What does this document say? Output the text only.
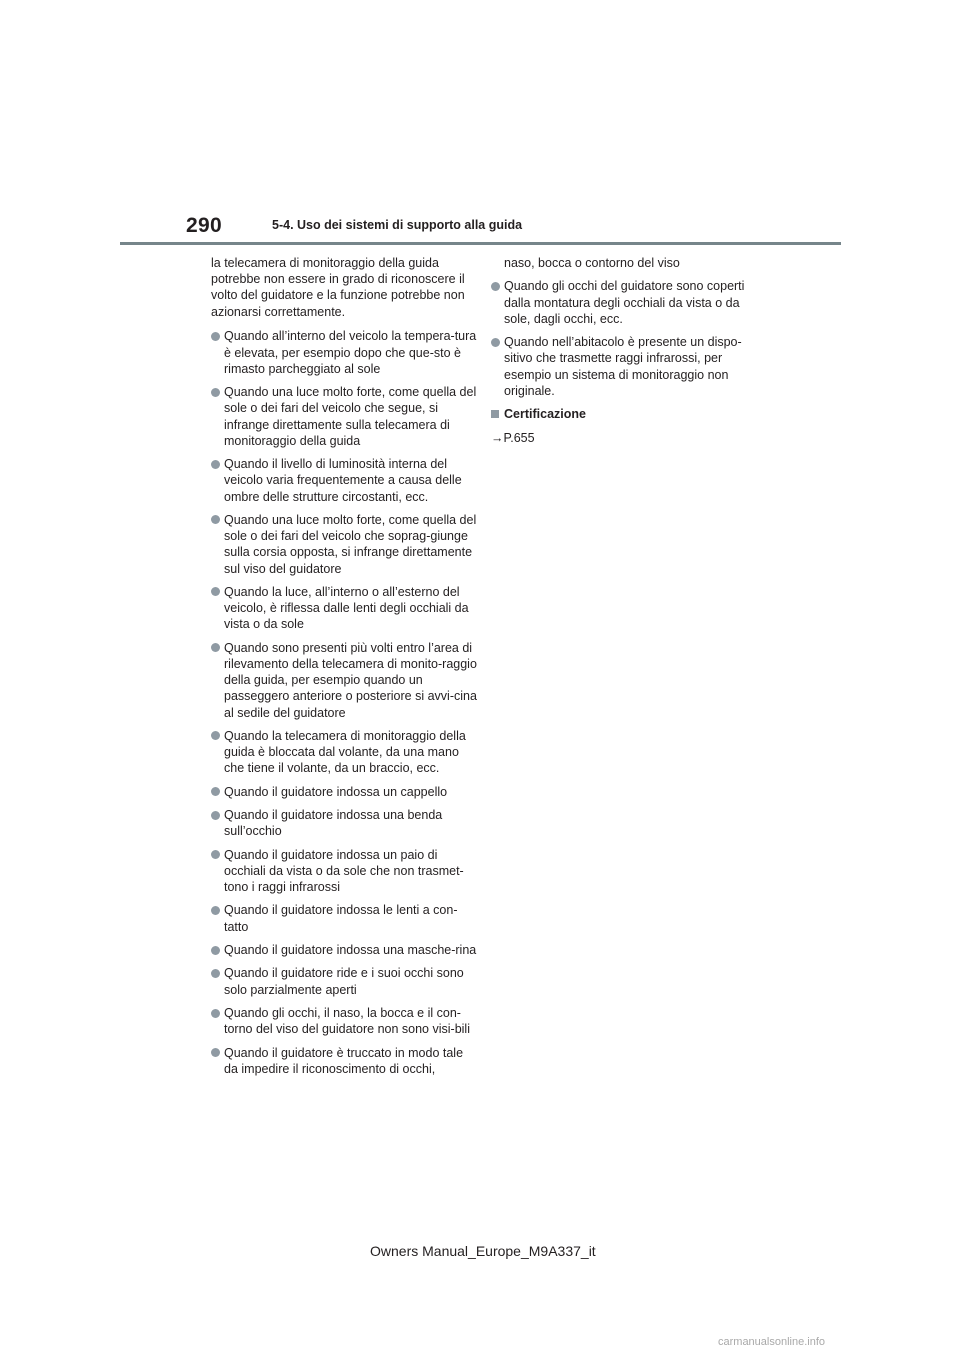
290	5-4. Uso dei sistemi di supporto alla guida

la telecamera di monitoraggio della guida potrebbe non essere in grado di riconoscere il volto del guidatore e la funzione potrebbe non azionarsi correttamente.

Quando all’interno del veicolo la tempera-tura è elevata, per esempio dopo che que-sto è rimasto parcheggiato al sole
Quando una luce molto forte, come quella del sole o dei fari del veicolo che segue, si infrange direttamente sulla telecamera di monitoraggio della guida
Quando il livello di luminosità interna del veicolo varia frequentemente a causa delle ombre delle strutture circostanti, ecc.
Quando una luce molto forte, come quella del sole o dei fari del veicolo che soprag-giunge sulla corsia opposta, si infrange direttamente sul viso del guidatore
Quando la luce, all’interno o all’esterno del veicolo, è riflessa dalle lenti degli occhiali da vista o da sole
Quando sono presenti più volti entro l’area di rilevamento della telecamera di monito-raggio della guida, per esempio quando un passeggero anteriore o posteriore si avvi-cina al sedile del guidatore
Quando la telecamera di monitoraggio della guida è bloccata dal volante, da una mano che tiene il volante, da un braccio, ecc.
Quando il guidatore indossa un cappello
Quando il guidatore indossa una benda sull’occhio
Quando il guidatore indossa un paio di occhiali da vista o da sole che non trasmet-tono i raggi infrarossi
Quando il guidatore indossa le lenti a con-tatto
Quando il guidatore indossa una masche-rina
Quando il guidatore ride e i suoi occhi sono solo parzialmente aperti
Quando gli occhi, il naso, la bocca e il con-torno del viso del guidatore non sono visi-bili
Quando il guidatore è truccato in modo tale da impedire il riconoscimento di occhi,

naso, bocca o contorno del viso

Quando gli occhi del guidatore sono coperti dalla montatura degli occhiali da vista o da sole, dagli occhi, ecc.
Quando nell’abitacolo è presente un dispo-sitivo che trasmette raggi infrarossi, per esempio un sistema di monitoraggio non originale.
Certificazione

→P.655

Owners Manual_Europe_M9A337_it
carmanualsonline.info
